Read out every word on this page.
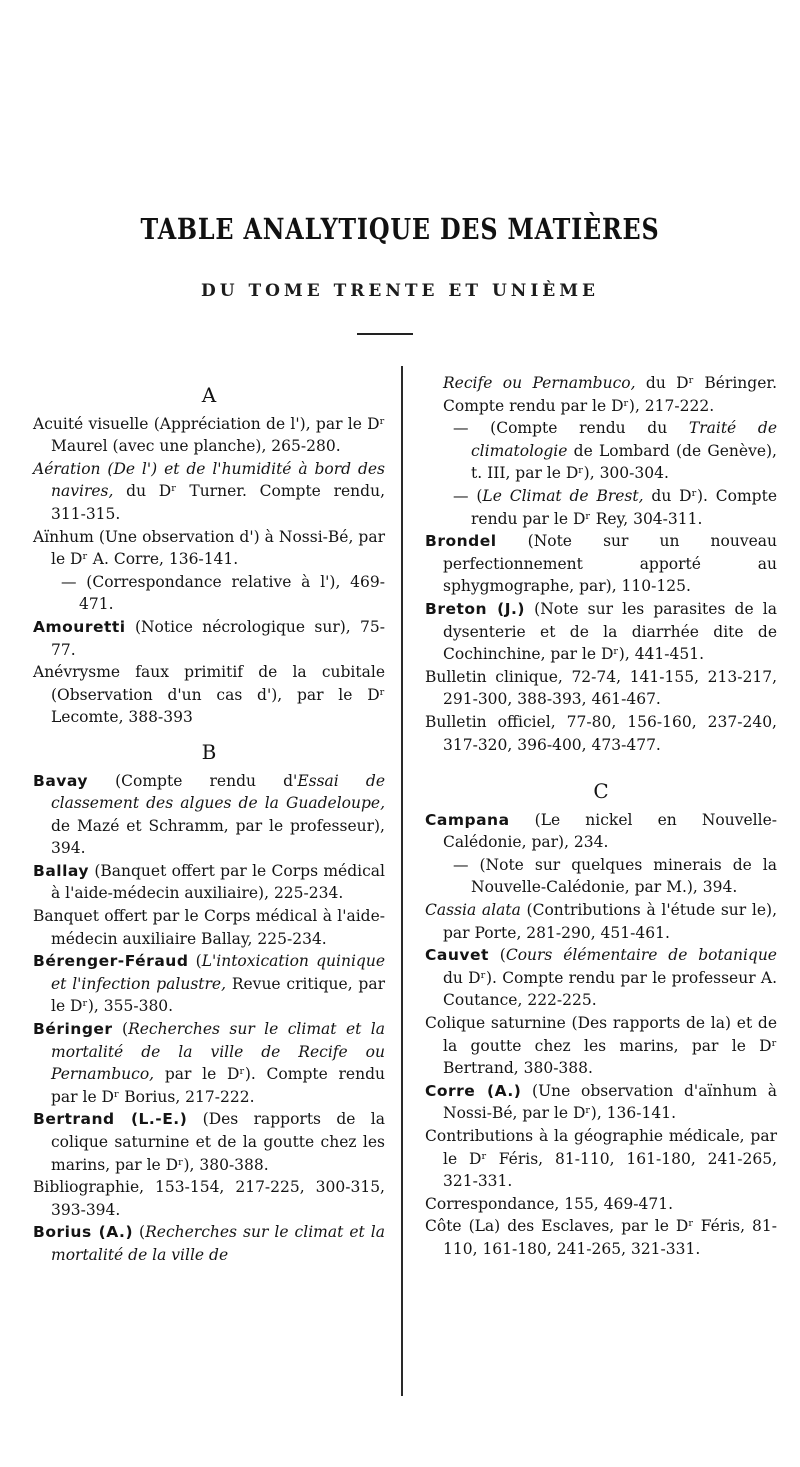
TABLE ANALYTIQUE DES MATIÈRES
DU TOME TRENTE ET UNIÈME
A
Acuité visuelle (Appréciation de l'), par le Dʳ Maurel (avec une planche), 265-280.
Aération (De l') et de l'humidité à bord des navires, du Dʳ Turner. Compte rendu, 311-315.
Aïnhum (Une observation d') à Nossi-Bé, par le Dʳ A. Corre, 136-141.
— (Correspondance relative à l'), 469-471.
Amouretti (Notice nécrologique sur), 75-77.
Anévrysme faux primitif de la cubitale (Observation d'un cas d'), par le Dʳ Lecomte, 388-393
B
Bavay (Compte rendu d'Essai de classement des algues de la Guadeloupe, de Mazé et Schramm, par le professeur), 394.
Ballay (Banquet offert par le Corps médical à l'aide-médecin auxiliaire), 225-234.
Banquet offert par le Corps médical à l'aide-médecin auxiliaire Ballay, 225-234.
Bérenger-Féraud (L'intoxication quinique et l'infection palustre, Revue critique, par le Dʳ), 355-380.
Béringer (Recherches sur le climat et la mortalité de la ville de Recife ou Pernambuco, par le Dʳ). Compte rendu par le Dʳ Borius, 217-222.
Bertrand (L.-E.) (Des rapports de la colique saturnine et de la goutte chez les marins, par le Dʳ), 380-388.
Bibliographie, 153-154, 217-225, 300-315, 393-394.
Borius (A.) (Recherches sur le climat et la mortalité de la ville de
Recife ou Pernambuco, du Dʳ Béringer. Compte rendu par le Dʳ), 217-222.
— (Compte rendu du Traité de climatologie de Lombard (de Genève), t. III, par le Dʳ), 300-304.
— (Le Climat de Brest, du Dʳ). Compte rendu par le Dʳ Rey, 304-311.
Brondel (Note sur un nouveau perfectionnement apporté au sphygmographe, par), 110-125.
Breton (J.) (Note sur les parasites de la dysenterie et de la diarrhée dite de Cochinchine, par le Dʳ), 441-451.
Bulletin clinique, 72-74, 141-155, 213-217, 291-300, 388-393, 461-467.
Bulletin officiel, 77-80, 156-160, 237-240, 317-320, 396-400, 473-477.
C
Campana (Le nickel en Nouvelle-Calédonie, par), 234.
— (Note sur quelques minerais de la Nouvelle-Calédonie, par M.), 394.
Cassia alata (Contributions à l'étude sur le), par Porte, 281-290, 451-461.
Cauvet (Cours élémentaire de botanique du Dʳ). Compte rendu par le professeur A. Coutance, 222-225.
Colique saturnine (Des rapports de la) et de la goutte chez les marins, par le Dʳ Bertrand, 380-388.
Corre (A.) (Une observation d'aïnhum à Nossi-Bé, par le Dʳ), 136-141.
Contributions à la géographie médicale, par le Dʳ Féris, 81-110, 161-180, 241-265, 321-331.
Correspondance, 155, 469-471.
Côte (La) des Esclaves, par le Dʳ Féris, 81-110, 161-180, 241-265, 321-331.
